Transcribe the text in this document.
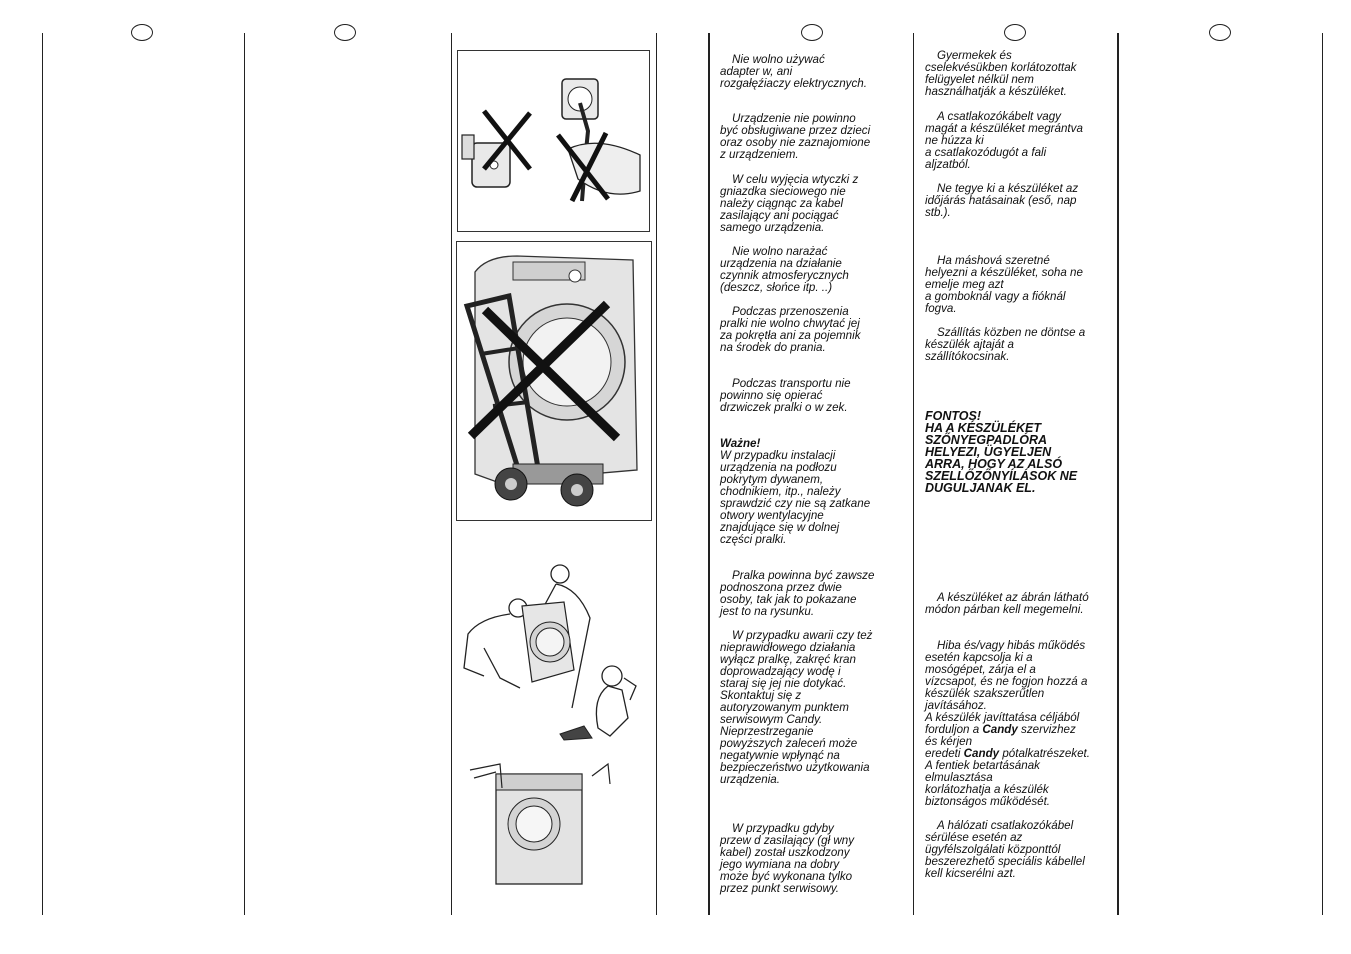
Nie wolno używać
adapter w, ani
rozgałęźiaczy elektrycznych.

Urządzenie nie powinno
być obsługiwane przez dzieci
oraz osoby nie zaznajomione
z urządzeniem.

W celu wyjęcia wtyczki z
gniazdka sieciowego nie
należy ciągnąc za kabel
zasilający ani pociągać
samego urządzenia.

Nie wolno narażać
urządzenia na działanie
czynnik atmosferycznych
(deszcz, słońce itp. ..)

Podczas przenoszenia
pralki nie wolno chwytać jej
za pokrętła ani za pojemnik
na środek do prania.

Podczas transportu nie
powinno się opierać
drzwiczek pralki o w zek.

Ważne!

W przypadku instalacji
urządzenia na podłozu
pokrytym dywanem,
chodnikiem, itp., należy
sprawdzić czy nie są zatkane
otwory wentylacyjne
znajdujące się w dolnej
części pralki.

Pralka powinna być zawsze
podnoszona przez dwie
osoby, tak jak to pokazane
jest to na rysunku.

W przypadku awarii czy też
nieprawidłowego działania
wyłącz pralkę, zakręć kran
doprowadzający wodę i
staraj się jej nie dotykać.
Skontaktuj się z
autoryzowanym punktem
serwisowym Candy.
Nieprzestrzeganie
powyższych zaleceń może
negatywnie wpłynąć na
bezpieczeństwo użytkowania
urządzenia.

W przypadku gdyby
przew d zasilający (gł wny
kabel) został uszkodzony
jego wymiana na dobry
może być wykonana tylko
przez punkt serwisowy.

Gyermekek és
cselekvésükben korlátozottak
felügyelet nélkül nem
használhatják a készüléket.

A csatlakozókábelt vagy
magát a készüléket megrántva
ne húzza ki
a csatlakozódugót a fali
aljzatból.

Ne tegye ki a készüléket az
időjárás hatásainak (eső, nap
stb.).

Ha máshová szeretné
helyezni a készüléket, soha ne
emelje meg azt
a gomboknál vagy a fióknál
fogva.

Szállítás közben ne döntse a
készülék ajtaját a
szállítókocsinak.

FONTOS!
HA A KÉSZÜLÉKET
SZŐNYEGPADLÓRA
HELYEZI, ÜGYELJEN
ARRA, HOGY AZ ALSÓ
SZELLŐZŐNYÍLÁSOK NE
DUGULJANAK EL.

A készüléket az ábrán látható
módon párban kell megemelni.

Hiba és/vagy hibás működés
esetén kapcsolja ki a
mosógépet, zárja el a
vízcsapot, és ne fogjon hozzá a
készülék szakszerűtlen
javításához.
A készülék javíttatása céljából
forduljon a Candy szervizhez
és kérjen
eredeti Candy pótalkatrészeket.
A fentiek betartásának
elmulasztása
korlátozhatja a készülék
biztonságos működését.

A hálózati csatlakozókábel
sérülése esetén az
ügyfélszolgálati központtól
beszerezhető speciális kábellel
kell kicserélni azt.
